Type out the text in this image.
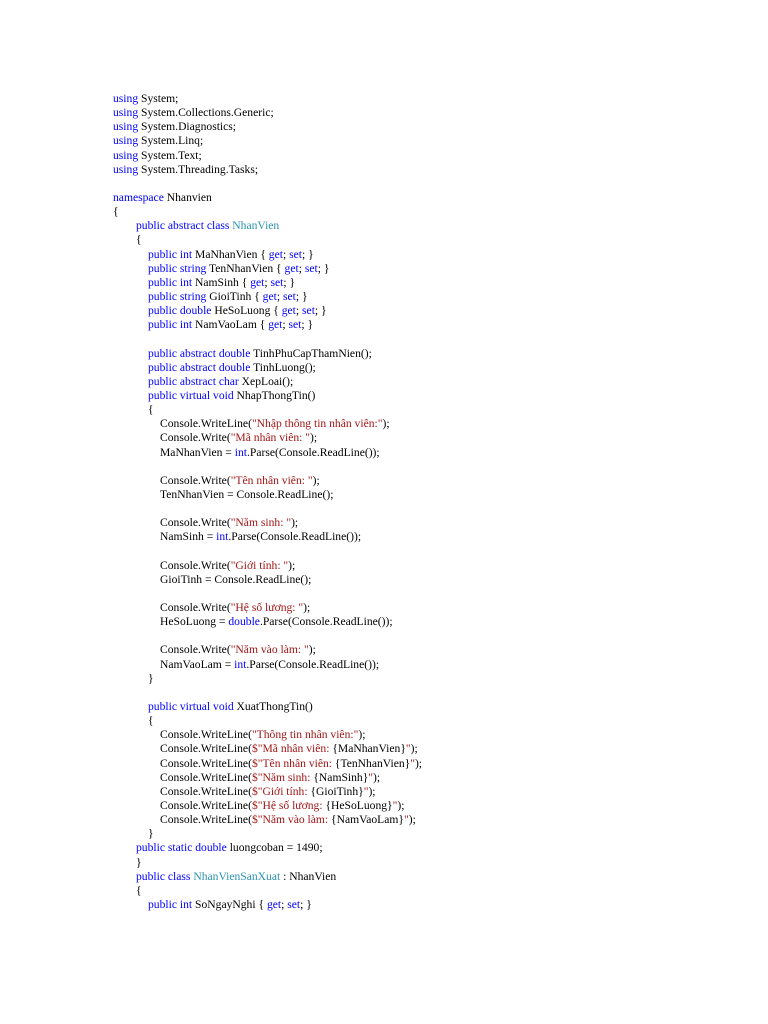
using System;
using System.Collections.Generic;
using System.Diagnostics;
using System.Linq;
using System.Text;
using System.Threading.Tasks;
namespace Nhanvien
{
public abstract class NhanVien
{
public int MaNhanVien { get; set; }
public string TenNhanVien { get; set; }
public int NamSinh { get; set; }
public string GioiTinh { get; set; }
public double HeSoLuong { get; set; }
public int NamVaoLam { get; set; }
public abstract double TinhPhuCapThamNien();
public abstract double TinhLuong();
public abstract char XepLoai();
public virtual void NhapThongTin()
{
Console.WriteLine("Nhập thông tin nhân viên:");
Console.Write("Mã nhân viên: ");
MaNhanVien = int.Parse(Console.ReadLine());
Console.Write("Tên nhân viên: ");
TenNhanVien = Console.ReadLine();
Console.Write("Năm sinh: ");
NamSinh = int.Parse(Console.ReadLine());
Console.Write("Giới tính: ");
GioiTinh = Console.ReadLine();
Console.Write("Hệ số lương: ");
HeSoLuong = double.Parse(Console.ReadLine());
Console.Write("Năm vào làm: ");
NamVaoLam = int.Parse(Console.ReadLine());
}
public virtual void XuatThongTin()
{
Console.WriteLine("Thông tin nhân viên:");
Console.WriteLine($"Mã nhân viên: {MaNhanVien}");
Console.WriteLine($"Tên nhân viên: {TenNhanVien}");
Console.WriteLine($"Năm sinh: {NamSinh}");
Console.WriteLine($"Giới tính: {GioiTinh}");
Console.WriteLine($"Hệ số lương: {HeSoLuong}");
Console.WriteLine($"Năm vào làm: {NamVaoLam}");
}
public static double luongcoban = 1490;
}
public class NhanVienSanXuat : NhanVien
{
public int SoNgayNghi { get; set; }
